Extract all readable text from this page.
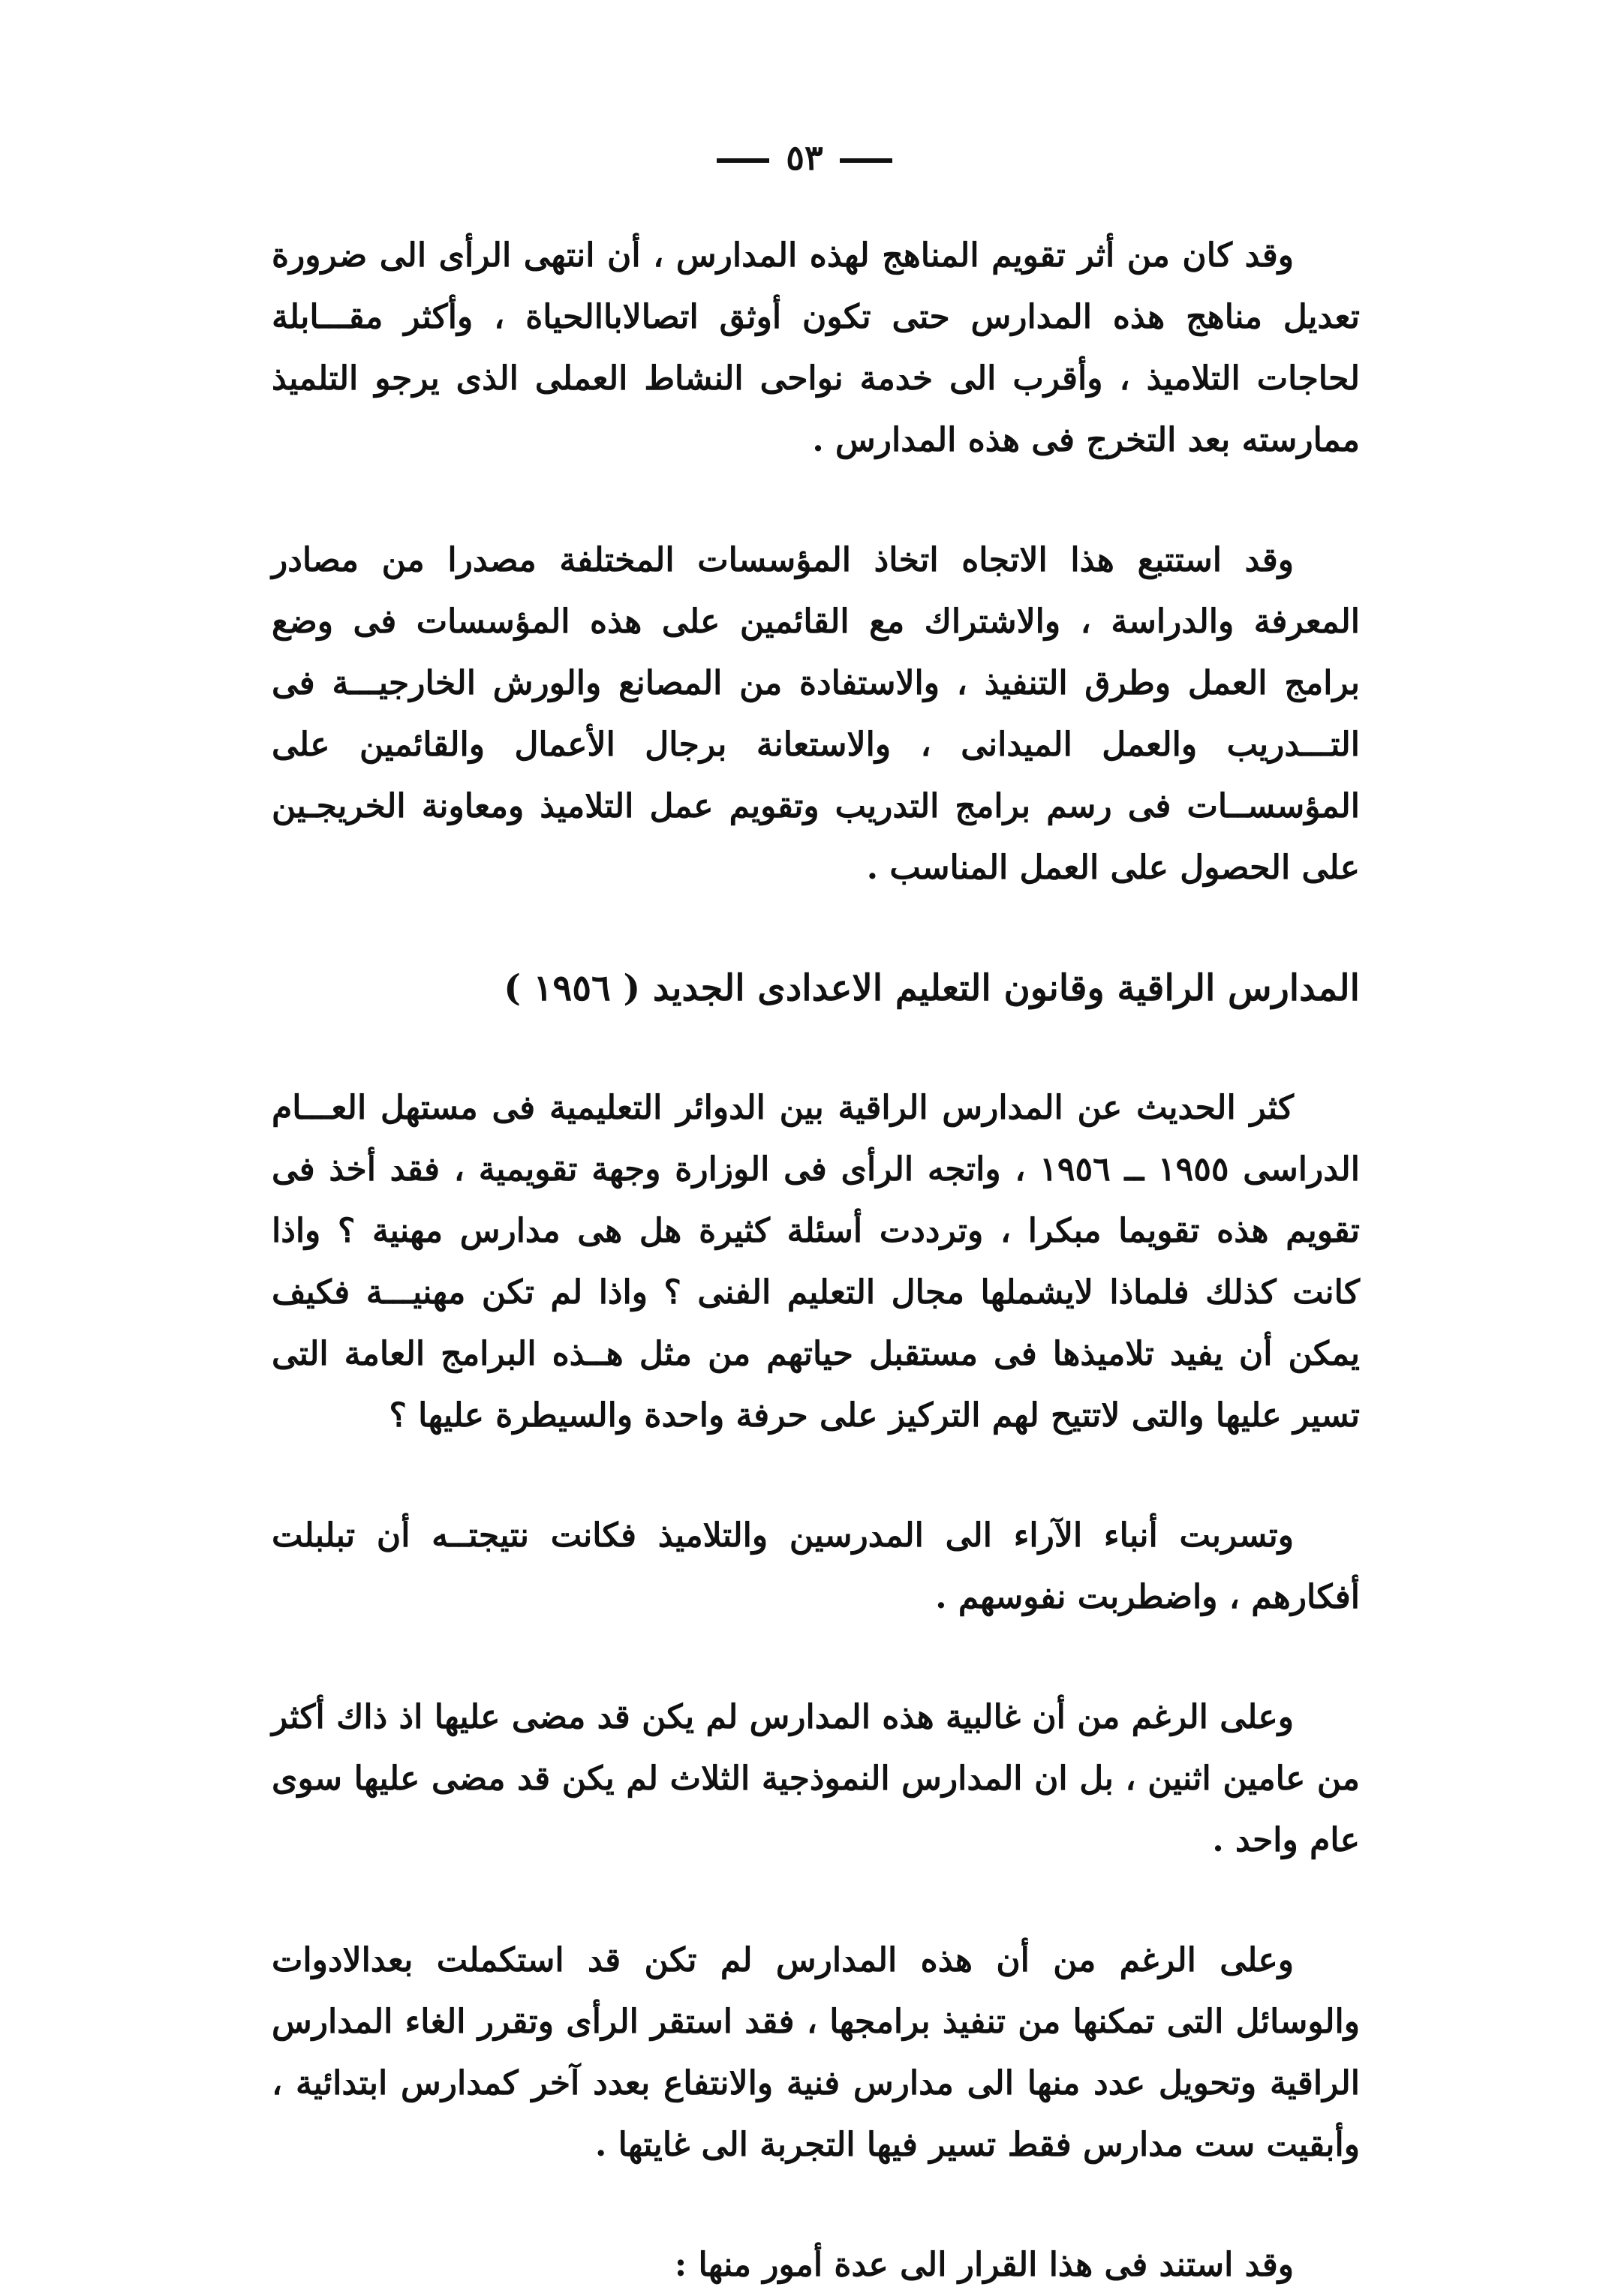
٥٣

وقد كان من أثر تقويم المناهج لهذه المدارس ، أن انتهى الرأى الى ضرورة تعديل مناهج هذه المدارس حتى تكون أوثق اتصالاباالحياة ، وأكثر مقـــابلة لحاجات التلاميذ ، وأقرب الى خدمة نواحى النشاط العملى الذى يرجو التلميذ ممارسته بعد التخرج فى هذه المدارس .

وقد استتبع هذا الاتجاه اتخاذ المؤسسات المختلفة مصدرا من مصادر المعرفة والدراسة ، والاشتراك مع القائمين على هذه المؤسسات فى وضع برامج العمل وطرق التنفيذ ، والاستفادة من المصانع والورش الخارجيـــة فى التـــدريب والعمل الميدانى ، والاستعانة برجال الأعمال والقائمين على المؤسســات فى رسم برامج التدريب وتقويم عمل التلاميذ ومعاونة الخريجـين على الحصول على العمل المناسب .

المدارس الراقية وقانون التعليم الاعدادى الجديد ( ١٩٥٦ )

كثر الحديث عن المدارس الراقية بين الدوائر التعليمية فى مستهل العـــام الدراسى ١٩٥٥ ــ ١٩٥٦ ، واتجه الرأى فى الوزارة وجهة تقويمية ، فقد أخذ فى تقويم هذه تقويما مبكرا ، وترددت أسئلة كثيرة هل هى مدارس مهنية ؟ واذا كانت كذلك فلماذا لايشملها مجال التعليم الفنى ؟ واذا لم تكن مهنيـــة فكيف يمكن أن يفيد تلاميذها فى مستقبل حياتهم من مثل هــذه البرامج العامة التى تسير عليها والتى لاتتيح لهم التركيز على حرفة واحدة والسيطرة عليها ؟

وتسربت أنباء الآراء الى المدرسين والتلاميذ فكانت نتيجتــه أن تبلبلت أفكارهم ، واضطربت نفوسهم .

وعلى الرغم من أن غالبية هذه المدارس لم يكن قد مضى عليها اذ ذاك أكثر من عامين اثنين ، بل ان المدارس النموذجية الثلاث لم يكن قد مضى عليها سوى عام واحد .

وعلى الرغم من أن هذه المدارس لم تكن قد استكملت بعدالادوات والوسائل التى تمكنها من تنفيذ برامجها ، فقد استقر الرأى وتقرر الغاء المدارس الراقية وتحويل عدد منها الى مدارس فنية والانتفاع بعدد آخر كمدارس ابتدائية ، وأبقيت ست مدارس فقط تسير فيها التجربة الى غايتها .

وقد استند فى هذا القرار الى عدة أمور منها :
